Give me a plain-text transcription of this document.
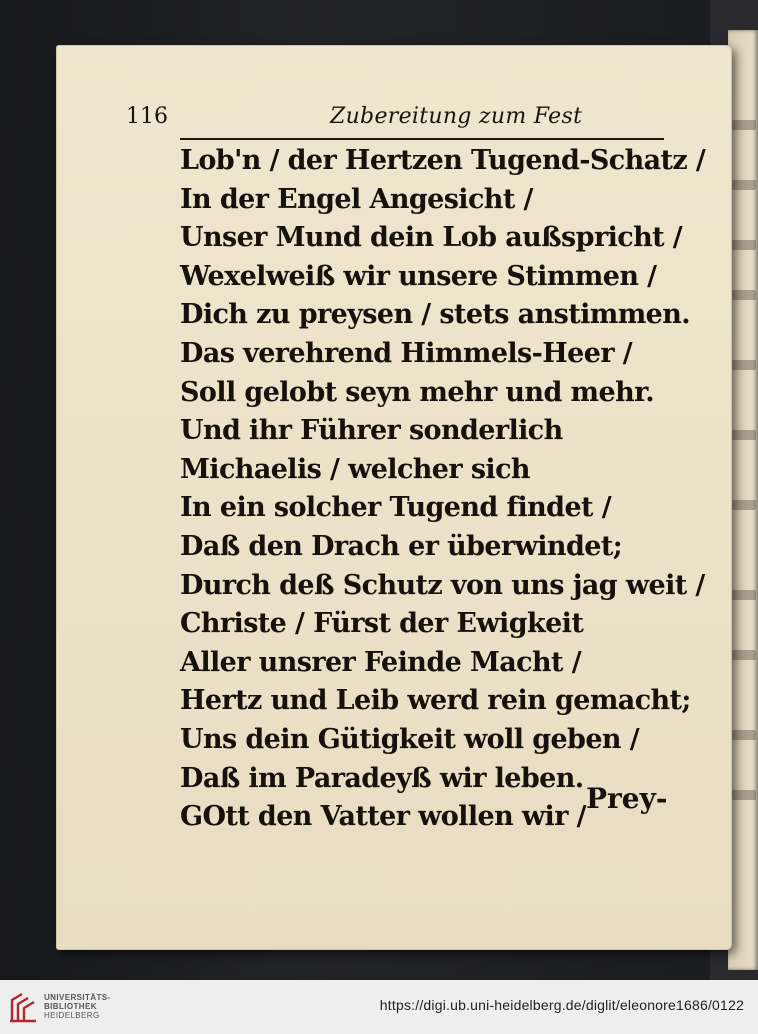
116	Zubereitung zum Fest
Lob'n / der Hertzen Tugend-Schatz /
In der Engel Angesicht /
Unser Mund dein Lob außspricht /
Wexelweiß wir unsere Stimmen /
Dich zu preysen / stets anstimmen.
Das verehrend Himmels-Heer /
Soll gelobt seyn mehr und mehr.
Und ihr Führer sonderlich
Michaelis / welcher sich
In ein solcher Tugend findet /
Daß den Drach er überwindet;
Durch deß Schutz von uns jag weit /
Christe / Fürst der Ewigkeit
Aller unsrer Feinde Macht /
Hertz und Leib werd rein gemacht;
Uns dein Gütigkeit woll geben /
Daß im Paradeyß wir leben.
GOtt den Vatter wollen wir /
Prey-
UNIVERSITÄTS-
BIBLIOTHEK
HEIDELBERG
https://digi.ub.uni-heidelberg.de/diglit/eleonore1686/0122
